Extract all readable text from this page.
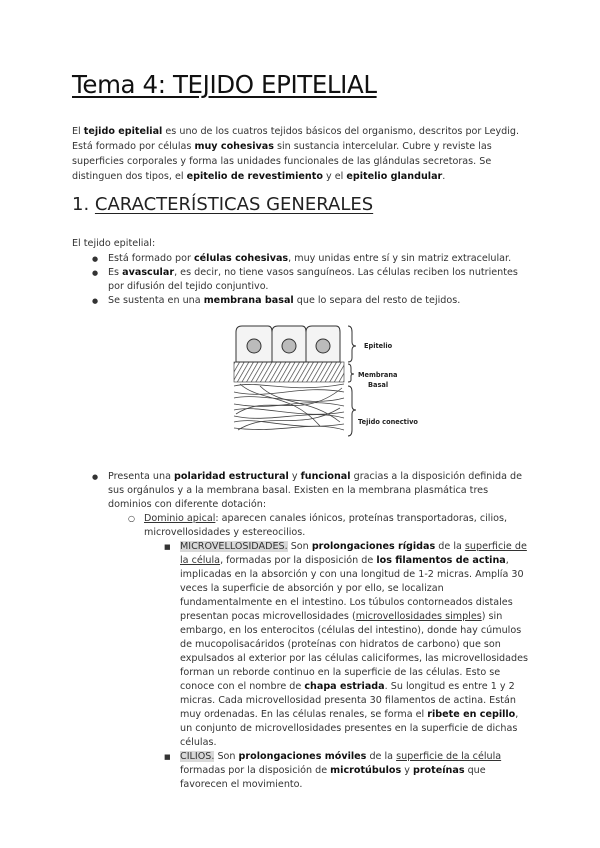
Tema 4: TEJIDO EPITELIAL

El tejido epitelial es uno de los cuatros tejidos básicos del organismo, descritos por Leydig. Está formado por células muy cohesivas sin sustancia intercelular. Cubre y reviste las superficies corporales y forma las unidades funcionales de las glándulas secretoras. Se distinguen dos tipos, el epitelio de revestimiento y el epitelio glandular.

1. CARACTERÍSTICAS GENERALES
El tejido epitelial:
● Está formado por células cohesivas, muy unidas entre sí y sin matriz extracelular.
● Es avascular, es decir, no tiene vasos sanguíneos. Las células reciben los nutrientes por difusión del tejido conjuntivo.
● Se sustenta en una membrana basal que lo separa del resto de tejidos.
Epitelio
Membrana
Basal
Tejido conectivo
● Presenta una polaridad estructural y funcional gracias a la disposición definida de sus orgánulos y a la membrana basal. Existen en la membrana plasmática tres dominios con diferente dotación:
○ Dominio apical: aparecen canales iónicos, proteínas transportadoras, cilios, microvellosidades y estereocilios.
■ MICROVELLOSIDADES. Son prolongaciones rígidas de la superficie de la célula, formadas por la disposición de los filamentos de actina, implicadas en la absorción y con una longitud de 1-2 micras. Amplía 30 veces la superficie de absorción y por ello, se localizan fundamentalmente en el intestino. Los túbulos contorneados distales presentan pocas microvellosidades (microvellosidades simples) sin embargo, en los enterocitos (células del intestino), donde hay cúmulos de mucopolisacáridos (proteínas con hidratos de carbono) que son expulsados al exterior por las células caliciformes, las microvellosidades forman un reborde continuo en la superficie de las células. Esto se conoce con el nombre de chapa estriada. Su longitud es entre 1 y 2 micras. Cada microvellosidad presenta 30 filamentos de actina. Están muy ordenadas. En las células renales, se forma el ribete en cepillo, un conjunto de microvellosidades presentes en la superficie de dichas células.
■ CILIOS. Son prolongaciones móviles de la superficie de la célula formadas por la disposición de microtúbulos y proteínas que favorecen el movimiento.
